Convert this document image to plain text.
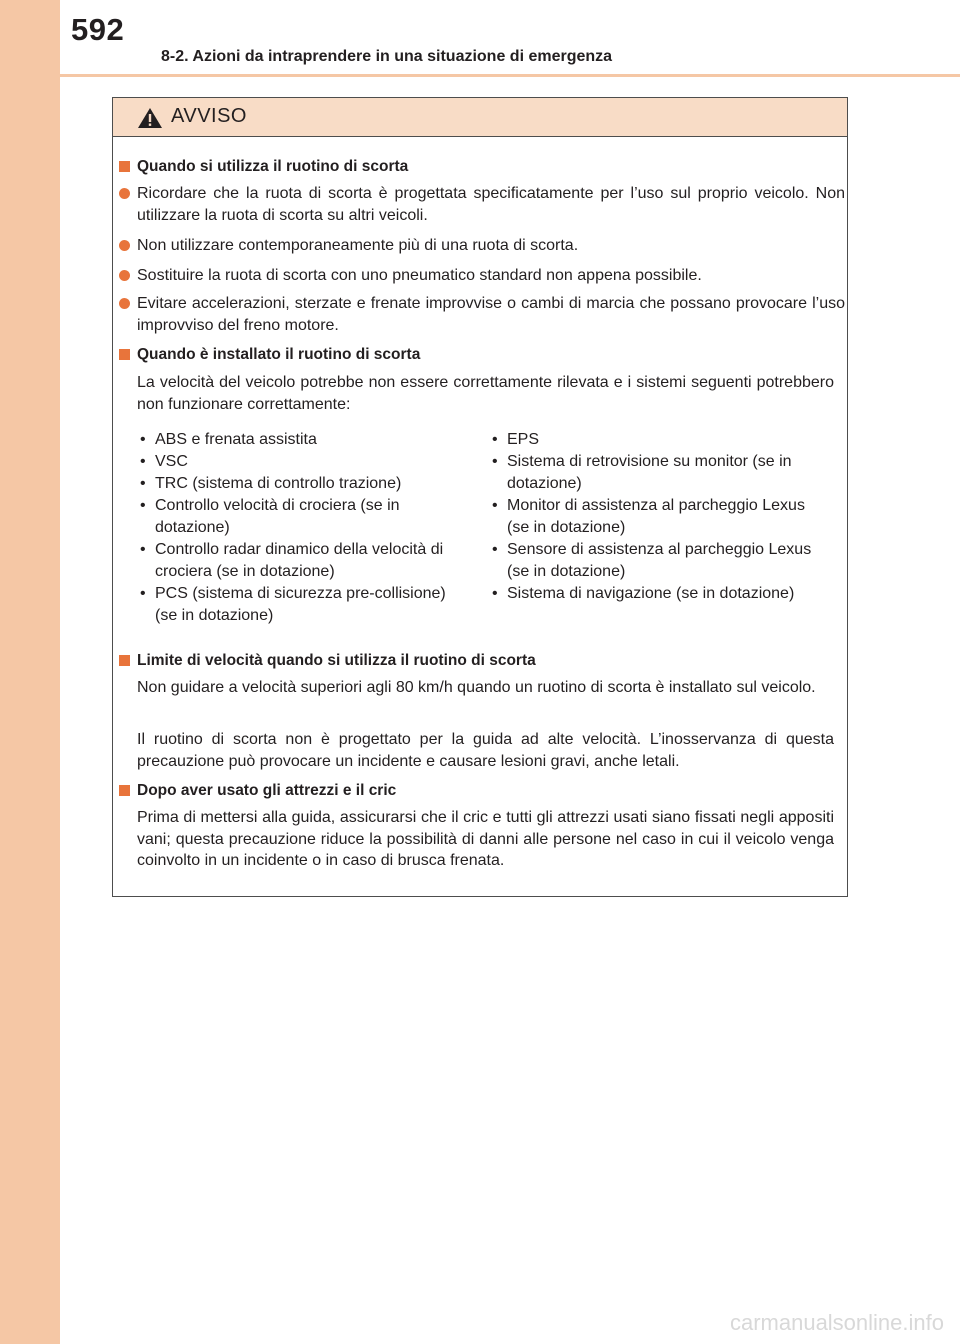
592
8-2. Azioni da intraprendere in una situazione di emergenza
AVVISO
Quando si utilizza il ruotino di scorta
Ricordare che la ruota di scorta è progettata specificatamente per l’uso sul proprio veicolo. Non utilizzare la ruota di scorta su altri veicoli.
Non utilizzare contemporaneamente più di una ruota di scorta.
Sostituire la ruota di scorta con uno pneumatico standard non appena possibile.
Evitare accelerazioni, sterzate e frenate improvvise o cambi di marcia che possano provocare l’uso improvviso del freno motore.
Quando è installato il ruotino di scorta
La velocità del veicolo potrebbe non essere correttamente rilevata e i sistemi seguenti potrebbero non funzionare correttamente:
• ABS e frenata assistita
• VSC
• TRC (sistema di controllo trazione)
• Controllo velocità di crociera (se in dotazione)
• Controllo radar dinamico della velocità di crociera (se in dotazione)
• PCS (sistema di sicurezza pre-collisione) (se in dotazione)
• EPS
• Sistema di retrovisione su monitor (se in dotazione)
• Monitor di assistenza al parcheggio Lexus (se in dotazione)
• Sensore di assistenza al parcheggio Lexus (se in dotazione)
• Sistema di navigazione (se in dotazione)
Limite di velocità quando si utilizza il ruotino di scorta
Non guidare a velocità superiori agli 80 km/h quando un ruotino di scorta è installato sul veicolo.
Il ruotino di scorta non è progettato per la guida ad alte velocità. L’inosservanza di questa precauzione può provocare un incidente e causare lesioni gravi, anche letali.
Dopo aver usato gli attrezzi e il cric
Prima di mettersi alla guida, assicurarsi che il cric e tutti gli attrezzi usati siano fissati negli appositi vani; questa precauzione riduce la possibilità di danni alle persone nel caso in cui il veicolo venga coinvolto in un incidente o in caso di brusca frenata.
carmanualsonline.info
